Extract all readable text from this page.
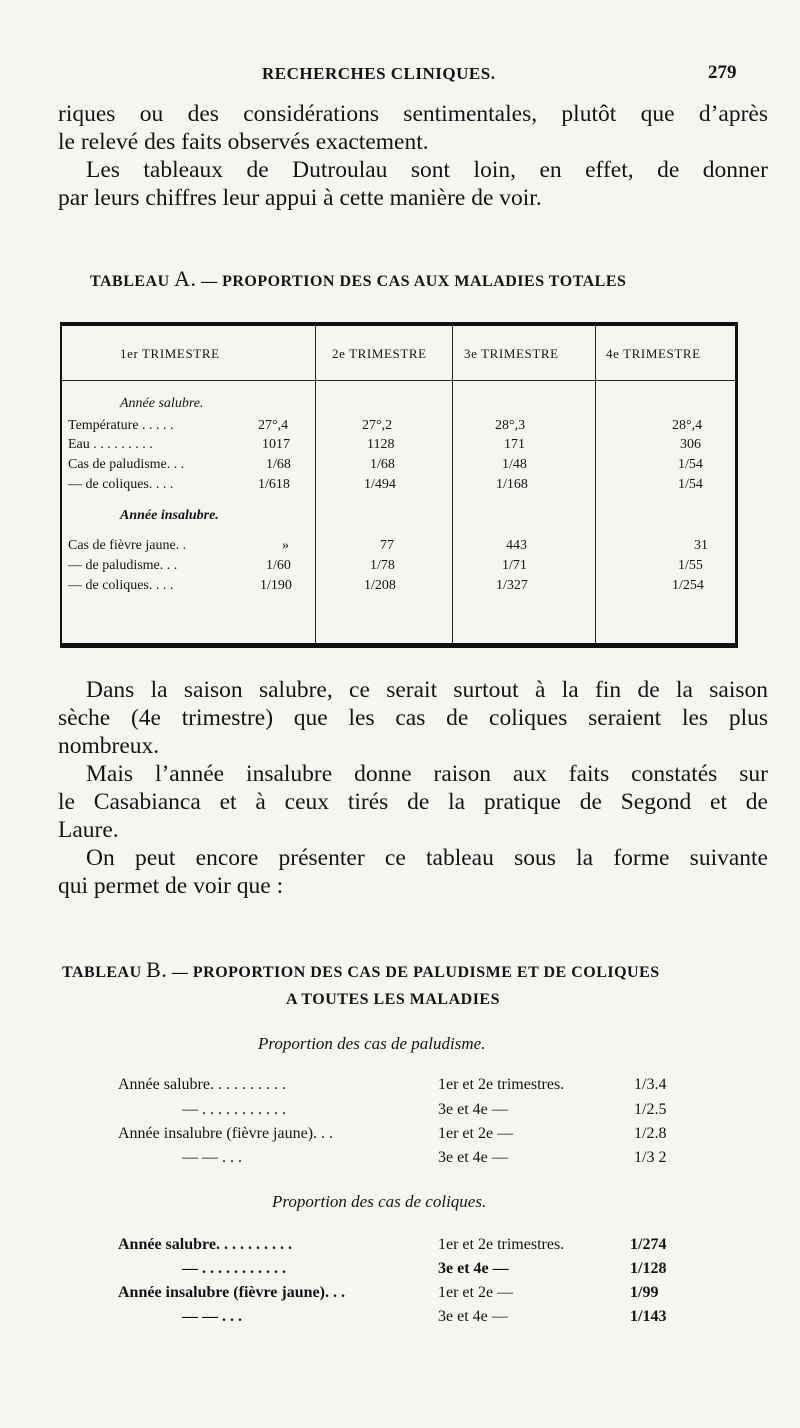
RECHERCHES CLINIQUES.	279
riques ou des considérations sentimentales, plutôt que d’après
le relevé des faits observés exactement.
Les tableaux de Dutroulau sont loin, en effet, de donner
par leurs chiffres leur appui à cette manière de voir.
TABLEAU A. — PROPORTION DES CAS AUX MALADIES TOTALES
1er TRIMESTRE	2e TRIMESTRE	3e TRIMESTRE	4e TRIMESTRE
Année salubre.
Température . . . . .	27°,4	27°,2	28°,3	28°,4
Eau . . . . . . . . .	1017	1128	171	306
Cas de paludisme. . .	1/68	1/68	1/48	1/54
— de coliques. . . .	1/618	1/494	1/168	1/54
Année insalubre.
Cas de fièvre jaune. .	»	77	443	31
— de paludisme. . .	1/60	1/78	1/71	1/55
— de coliques. . . .	1/190	1/208	1/327	1/254
Dans la saison salubre, ce serait surtout à la fin de la saison
sèche (4e trimestre) que les cas de coliques seraient les plus
nombreux.
Mais l’année insalubre donne raison aux faits constatés sur
le Casabianca et à ceux tirés de la pratique de Segond et de
Laure.
On peut encore présenter ce tableau sous la forme suivante
qui permet de voir que :
TABLEAU B. — PROPORTION DES CAS DE PALUDISME ET DE COLIQUES
A TOUTES LES MALADIES
Proportion des cas de paludisme.
Année salubre. . . . . . . . . .	1er et 2e trimestres.	1/3.4
— . . . . . . . . . . .	3e et 4e —	1/2.5
Année insalubre (fièvre jaune). . .	1er et 2e —	1/2.8
— — . . .	3e et 4e —	1/3 2
Proportion des cas de coliques.
Année salubre. . . . . . . . . .	1er et 2e trimestres.	1/274
— . . . . . . . . . . .	3e et 4e —	1/128
Année insalubre (fièvre jaune). . .	1er et 2e —	1/99
— — . . .	3e et 4e —	1/143
